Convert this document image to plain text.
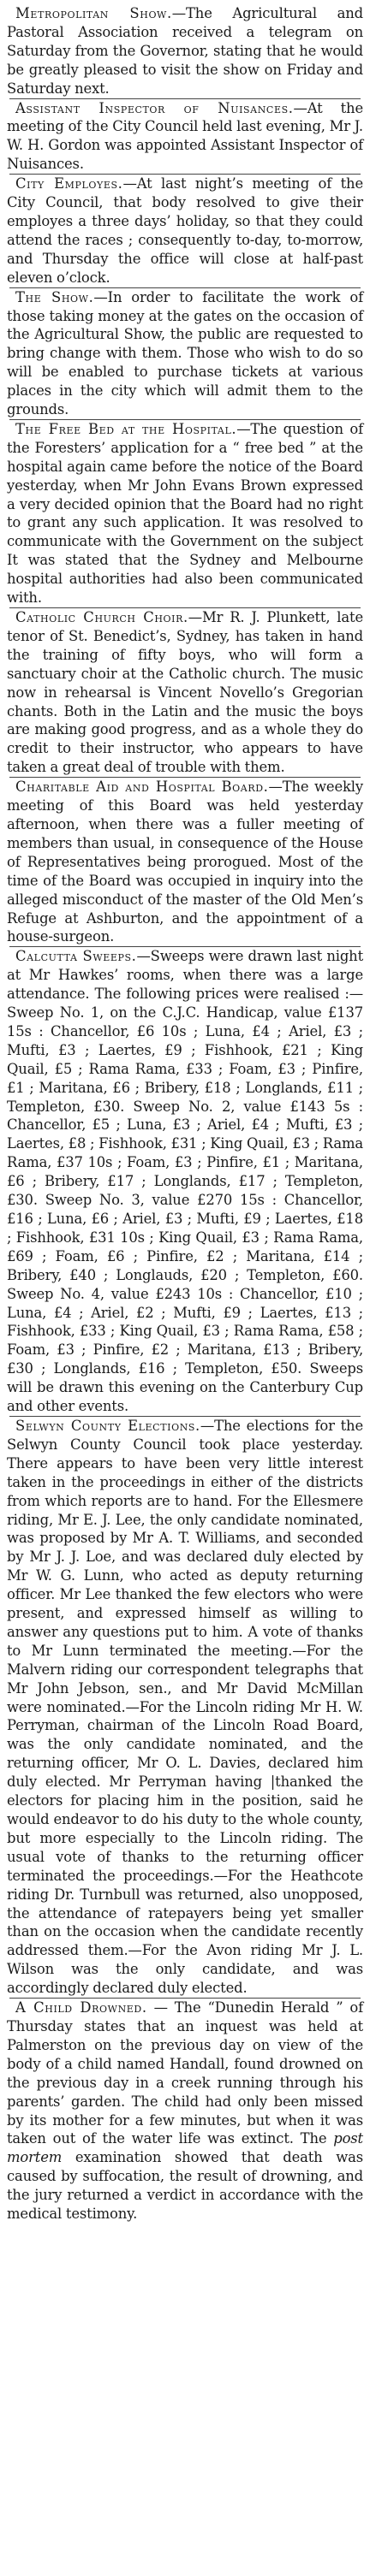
Metropolitan Show.—The Agricultural and Pastoral Association received a telegram on Saturday from the Governor, stating that he would be greatly pleased to visit the show on Friday and Saturday next.

Assistant Inspector of Nuisances.—At the meeting of the City Council held last evening, Mr J. W. H. Gordon was appointed Assistant Inspector of Nuisances.

City Employes.—At last night’s meeting of the City Council, that body resolved to give their employes a three days’ holiday, so that they could attend the races ; consequently to-day, to-morrow, and Thursday the office will close at half-past eleven o’clock.

The Show.—In order to facilitate the work of those taking money at the gates on the occasion of the Agricultural Show, the public are requested to bring change with them. Those who wish to do so will be enabled to purchase tickets at various places in the city which will admit them to the grounds.

The Free Bed at the Hospital.—The question of the Foresters’ application for a “ free bed ” at the hospital again came before the notice of the Board yesterday, when Mr John Evans Brown expressed a very decided opinion that the Board had no right to grant any such application. It was resolved to communicate with the Government on the subject It was stated that the Sydney and Melbourne hospital authorities had also been communicated with.

Catholic Church Choir.—Mr R. J. Plunkett, late tenor of St. Benedict’s, Sydney, has taken in hand the training of fifty boys, who will form a sanctuary choir at the Catholic church. The music now in rehearsal is Vincent Novello’s Gregorian chants. Both in the Latin and the music the boys are making good progress, and as a whole they do credit to their instructor, who appears to have taken a great deal of trouble with them.

Charitable Aid and Hospital Board.—The weekly meeting of this Board was held yesterday afternoon, when there was a fuller meeting of members than usual, in consequence of the House of Representatives being prorogued. Most of the time of the Board was occupied in inquiry into the alleged misconduct of the master of the Old Men’s Refuge at Ashburton, and the appointment of a house-surgeon.

Calcutta Sweeps.—Sweeps were drawn last night at Mr Hawkes’ rooms, when there was a large attendance. The following prices were realised :—Sweep No. 1, on the C.J.C. Handicap, value £137 15s : Chancellor, £6 10s ; Luna, £4 ; Ariel, £3 ; Mufti, £3 ; Laertes, £9 ; Fishhook, £21 ; King Quail, £5 ; Rama Rama, £33 ; Foam, £3 ; Pinfire, £1 ; Maritana, £6 ; Bribery, £18 ; Longlands, £11 ; Templeton, £30. Sweep No. 2, value £143 5s : Chancellor, £5 ; Luna, £3 ; Ariel, £4 ; Mufti, £3 ; Laertes, £8 ; Fishhook, £31 ; King Quail, £3 ; Rama Rama, £37 10s ; Foam, £3 ; Pinfire, £1 ; Maritana, £6 ; Bribery, £17 ; Longlands, £17 ; Templeton, £30. Sweep No. 3, value £270 15s : Chancellor, £16 ; Luna, £6 ; Ariel, £3 ; Mufti, £9 ; Laertes, £18 ; Fishhook, £31 10s ; King Quail, £3 ; Rama Rama, £69 ; Foam, £6 ; Pinfire, £2 ; Maritana, £14 ; Bribery, £40 ; Longlauds, £20 ; Templeton, £60. Sweep No. 4, value £243 10s : Chancellor, £10 ; Luna, £4 ; Ariel, £2 ; Mufti, £9 ; Laertes, £13 ; Fishhook, £33 ; King Quail, £3 ; Rama Rama, £58 ; Foam, £3 ; Pinfire, £2 ; Maritana, £13 ; Bribery, £30 ; Longlands, £16 ; Templeton, £50. Sweeps will be drawn this evening on the Canterbury Cup and other events.

Selwyn County Elections.—The elections for the Selwyn County Council took place yesterday. There appears to have been very little interest taken in the proceedings in either of the districts from which reports are to hand. For the Ellesmere riding, Mr E. J. Lee, the only candidate nominated, was proposed by Mr A. T. Williams, and seconded by Mr J. J. Loe, and was declared duly elected by Mr W. G. Lunn, who acted as deputy returning officer. Mr Lee thanked the few electors who were present, and expressed himself as willing to answer any questions put to him. A vote of thanks to Mr Lunn terminated the meeting.—For the Malvern riding our correspondent telegraphs that Mr John Jebson, sen., and Mr David McMillan were nominated.—For the Lincoln riding Mr H. W. Perryman, chairman of the Lincoln Road Board, was the only candidate nominated, and the returning officer, Mr O. L. Davies, declared him duly elected. Mr Perryman having |thanked the electors for placing him in the position, said he would endeavor to do his duty to the whole county, but more especially to the Lincoln riding. The usual vote of thanks to the returning officer terminated the proceedings.—For the Heathcote riding Dr. Turnbull was returned, also unopposed, the attendance of ratepayers being yet smaller than on the occasion when the candidate recently addressed them.—For the Avon riding Mr J. L. Wilson was the only candidate, and was accordingly declared duly elected.

A Child Drowned. — The “Dunedin Herald ” of Thursday states that an inquest was held at Palmerston on the previous day on view of the body of a child named Handall, found drowned on the previous day in a creek running through his parents’ garden. The child had only been missed by its mother for a few minutes, but when it was taken out of the water life was extinct. The post mortem examination showed that death was caused by suffocation, the result of drowning, and the jury returned a verdict in accordance with the medical testimony.
